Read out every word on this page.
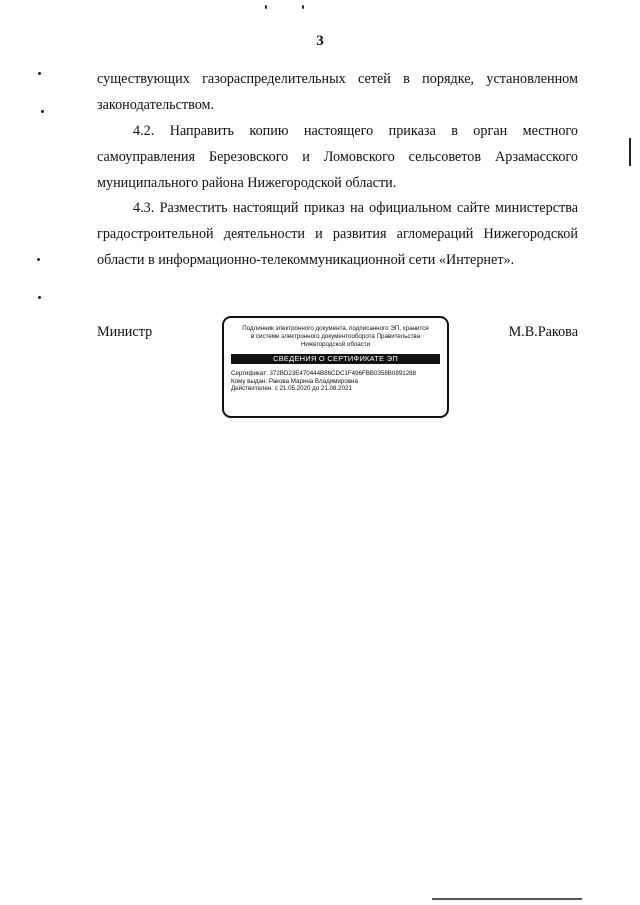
3
существующих газораспределительных сетей в порядке, установленном
законодательством.
4.2. Направить копию настоящего приказа в орган местного
самоуправления Березовского и Ломовского сельсоветов Арзамасского
муниципального района Нижегородской области.
4.3. Разместить настоящий приказ на официальном сайте министерства
градостроительной деятельности и развития агломераций Нижегородской
области в информационно-телекоммуникационной сети «Интернет».
Министр	Подлинник электронного документа, подписанного ЭП, хранится в системе электронного документооборота Правительства Нижегородской области

СВЕДЕНИЯ О СЕРТИФИКАТЕ ЭП
Сертификат: 372BD23E470444B86CDC1F496FBB0358B0891288
Кому выдан: Ракова Марина Владимировна
Действителен: с 21.05.2020 до 21.08.2021
М.В.Ракова
